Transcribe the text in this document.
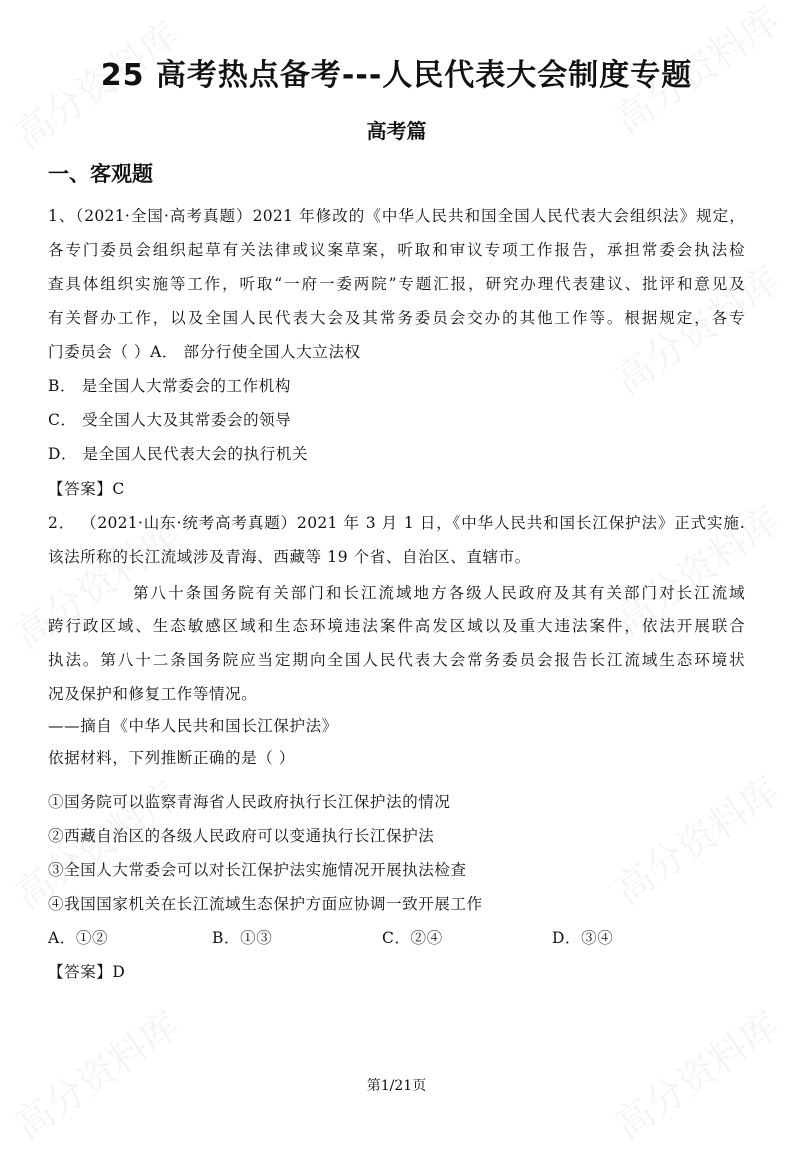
25 高考热点备考---人民代表大会制度专题
高考篇
一、客观题
1、（2021·全国·高考真题）2021 年修改的《中华人民共和国全国人民代表大会组织法》规定，
各专门委员会组织起草有关法律或议案草案，听取和审议专项工作报告，承担常委会执法检
查具体组织实施等工作，听取“一府一委两院”专题汇报，研究办理代表建议、批评和意见及
有关督办工作，以及全国人民代表大会及其常务委员会交办的其他工作等。根据规定，各专
门委员会（ ）A． 部分行使全国人大立法权
B． 是全国人大常委会的工作机构
C． 受全国人大及其常委会的领导
D． 是全国人民代表大会的执行机关
【答案】C
2． （2021·山东·统考高考真题）2021 年 3 月 1 日，《中华人民共和国长江保护法》正式实施.
该法所称的长江流域涉及青海、西藏等 19 个省、自治区、直辖市。
第八十条国务院有关部门和长江流域地方各级人民政府及其有关部门对长江流域
跨行政区域、生态敏感区域和生态环境违法案件高发区域以及重大违法案件，依法开展联合
执法。第八十二条国务院应当定期向全国人民代表大会常务委员会报告长江流域生态环境状
况及保护和修复工作等情况。
——摘自《中华人民共和国长江保护法》
依据材料，下列推断正确的是（ ）
①国务院可以监察青海省人民政府执行长江保护法的情况
②西藏自治区的各级人民政府可以变通执行长江保护法
③全国人大常委会可以对长江保护法实施情况开展执法检查
④我国国家机关在长江流域生态保护方面应协调一致开展工作
A．①②	B．①③	C．②④	D．③④
【答案】D
第1/21页
